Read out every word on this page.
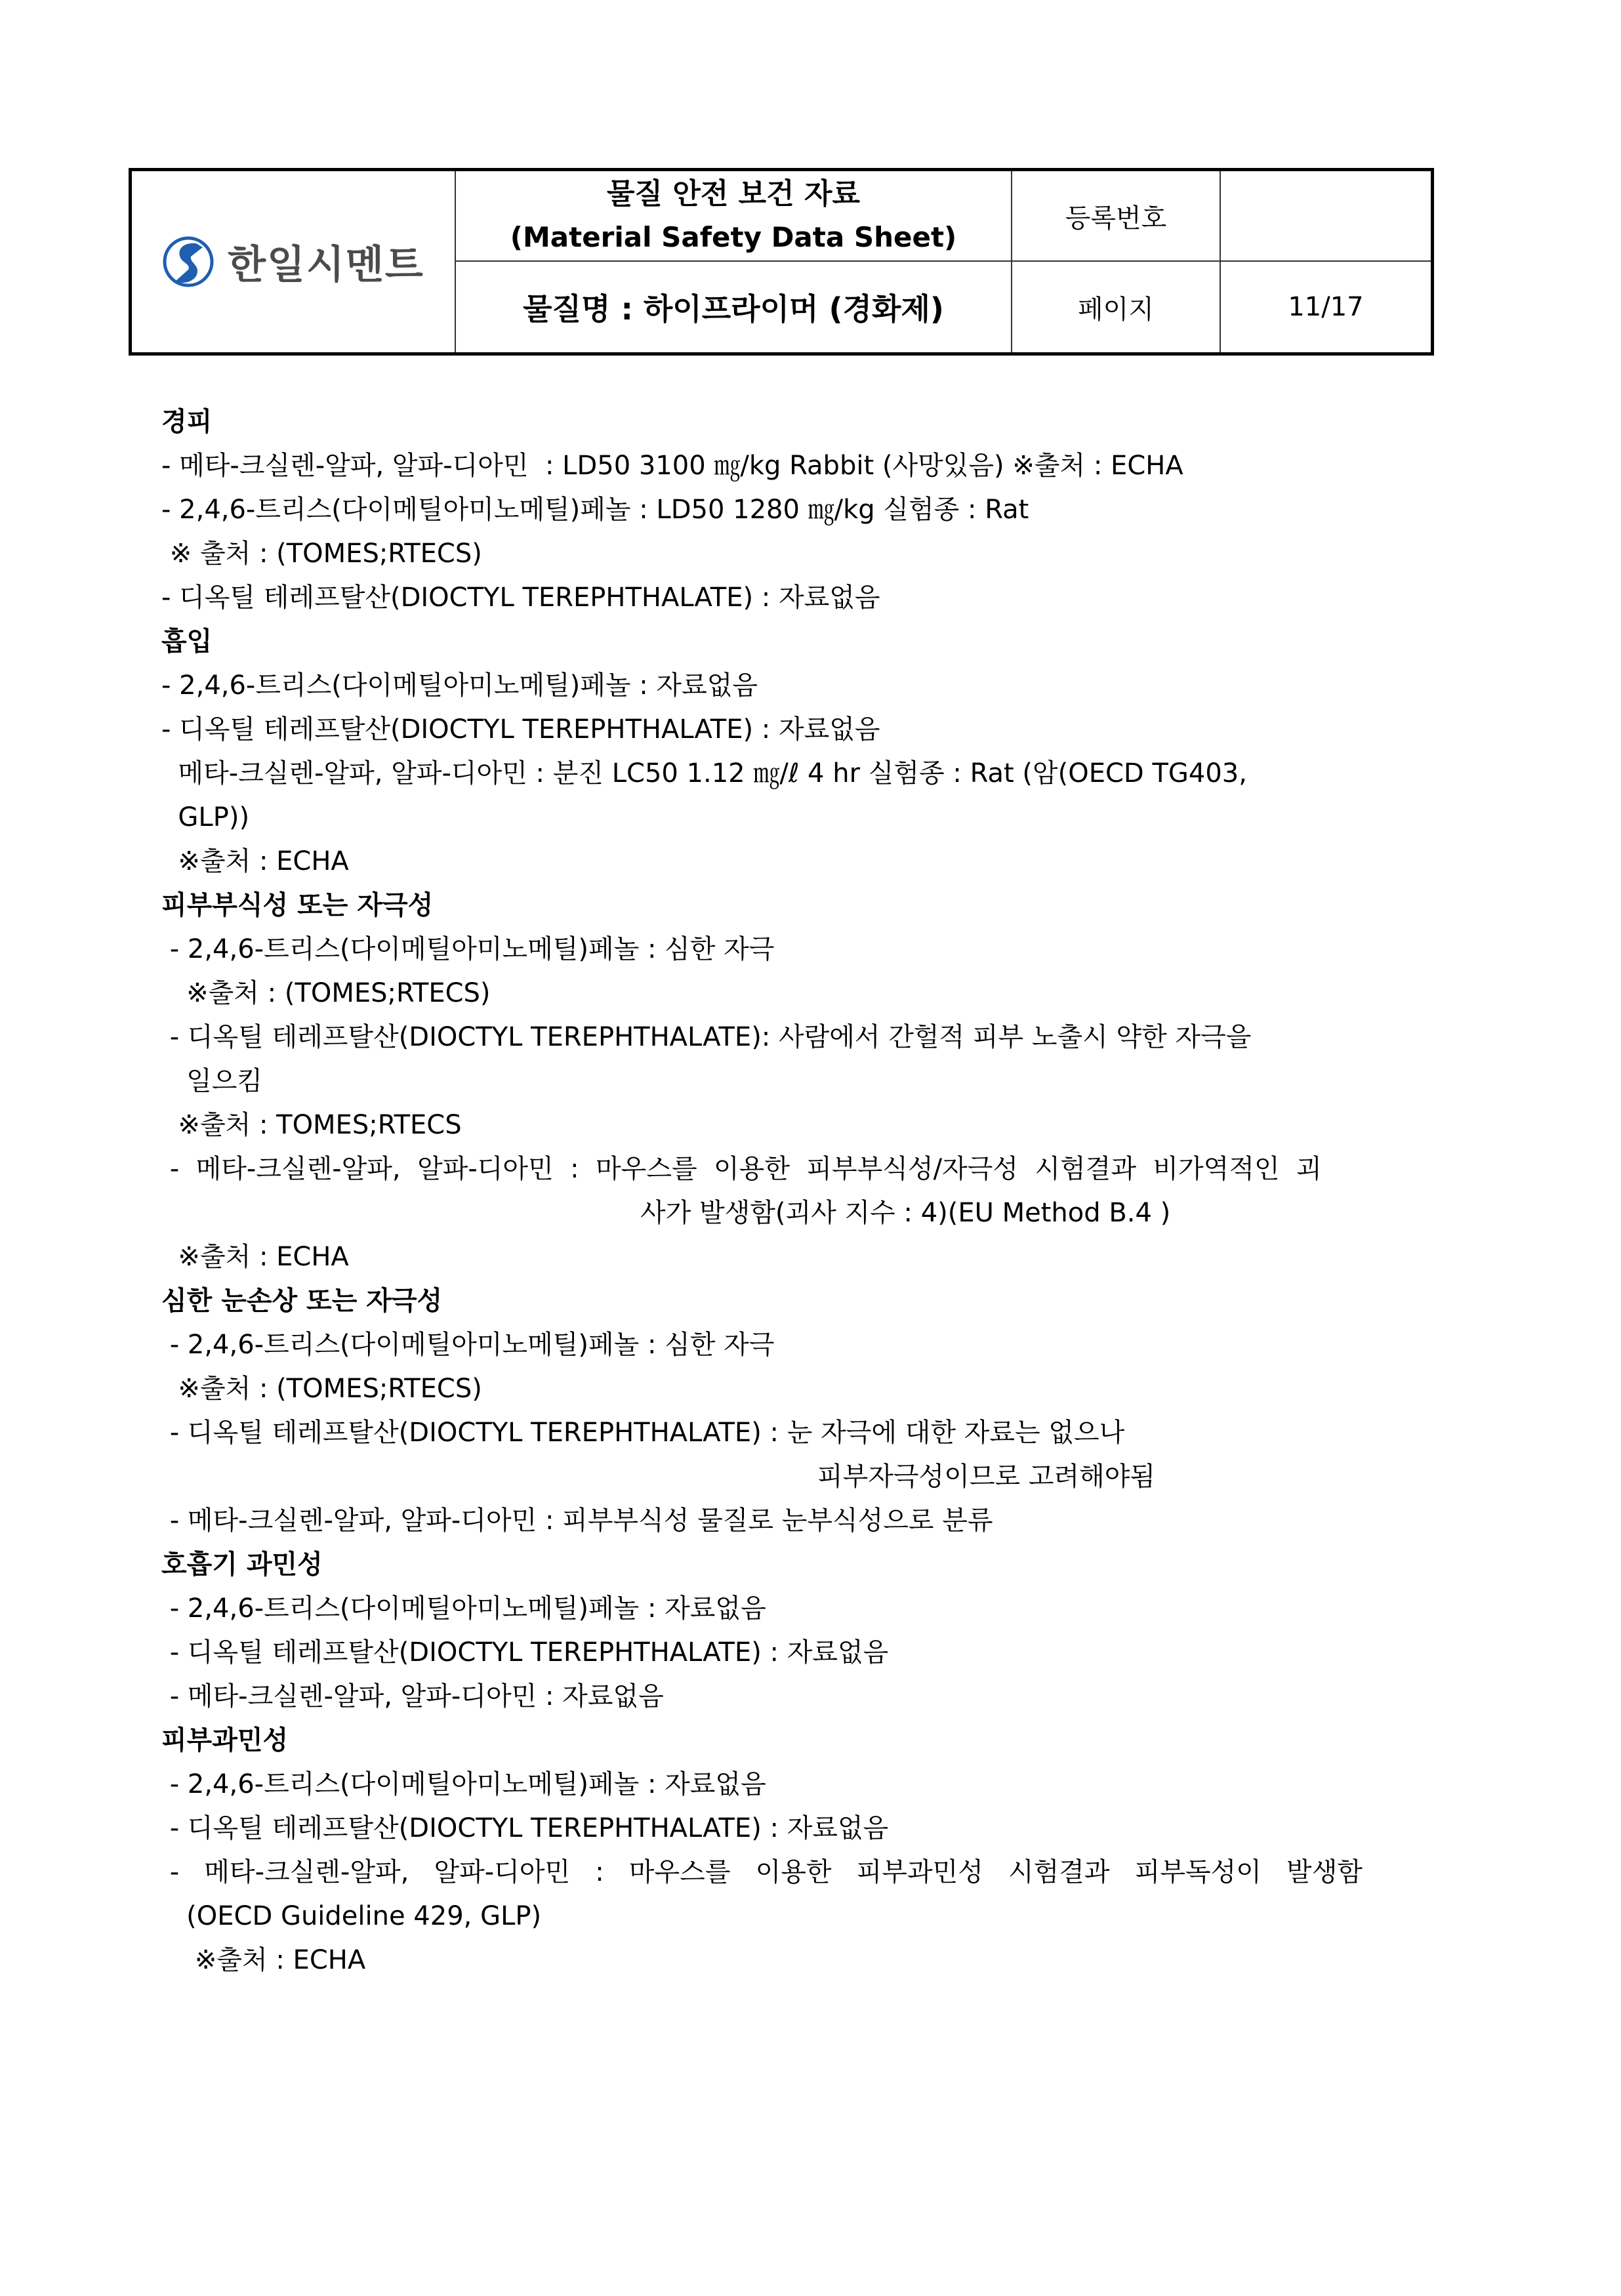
한일시멘트
물질 안전 보건 자료
(Material Safety Data Sheet)
등록번호
물질명 : 하이프라이머 (경화제)	페이지	11/17
경피
- 메타-크실렌-알파, 알파-디아민  : LD50 3100 ㎎/kg Rabbit (사망있음) ※출처 : ECHA
- 2,4,6-트리스(다이메틸아미노메틸)페놀 : LD50 1280 ㎎/kg 실험종 : Rat
※ 출처 : (TOMES;RTECS)
- 디옥틸 테레프탈산(DIOCTYL TEREPHTHALATE) : 자료없음
흡입
- 2,4,6-트리스(다이메틸아미노메틸)페놀 : 자료없음
- 디옥틸 테레프탈산(DIOCTYL TEREPHTHALATE) : 자료없음
메타-크실렌-알파, 알파-디아민 : 분진 LC50 1.12 ㎎/ℓ 4 hr 실험종 : Rat (암(OECD TG403,
GLP))
※출처 : ECHA
피부부식성 또는 자극성
- 2,4,6-트리스(다이메틸아미노메틸)페놀 : 심한 자극
※출처 : (TOMES;RTECS)
- 디옥틸 테레프탈산(DIOCTYL TEREPHTHALATE): 사람에서 간헐적 피부 노출시 약한 자극을
일으킴
※출처 : TOMES;RTECS
-  메타-크실렌-알파,  알파-디아민  :  마우스를  이용한  피부부식성/자극성  시험결과  비가역적인  괴
사가 발생함(괴사 지수 : 4)(EU Method B.4 )
※출처 : ECHA
심한 눈손상 또는 자극성
- 2,4,6-트리스(다이메틸아미노메틸)페놀 : 심한 자극
※출처 : (TOMES;RTECS)
- 디옥틸 테레프탈산(DIOCTYL TEREPHTHALATE) : 눈 자극에 대한 자료는 없으나
피부자극성이므로 고려해야됨
- 메타-크실렌-알파, 알파-디아민 : 피부부식성 물질로 눈부식성으로 분류
호흡기 과민성
- 2,4,6-트리스(다이메틸아미노메틸)페놀 : 자료없음
- 디옥틸 테레프탈산(DIOCTYL TEREPHTHALATE) : 자료없음
- 메타-크실렌-알파, 알파-디아민 : 자료없음
피부과민성
- 2,4,6-트리스(다이메틸아미노메틸)페놀 : 자료없음
- 디옥틸 테레프탈산(DIOCTYL TEREPHTHALATE) : 자료없음
-   메타-크실렌-알파,   알파-디아민   :   마우스를   이용한   피부과민성   시험결과   피부독성이   발생함
(OECD Guideline 429, GLP)
※출처 : ECHA
